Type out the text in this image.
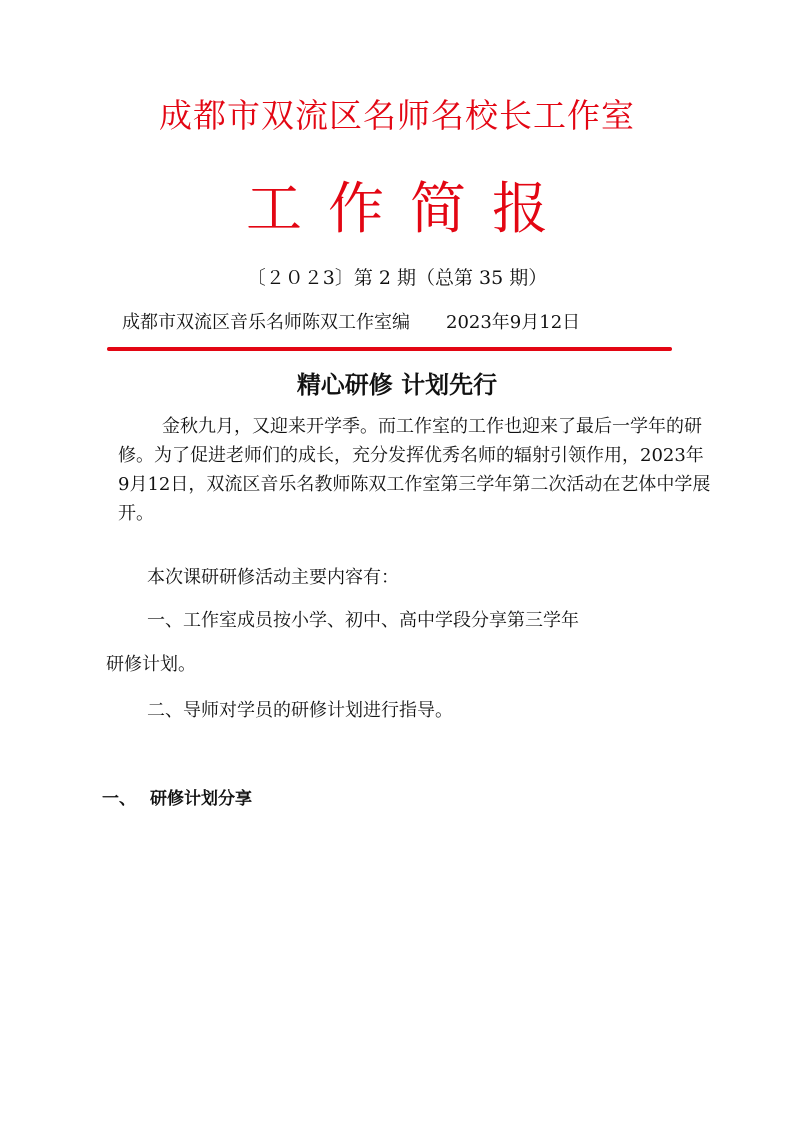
成都市双流区名师名校长工作室
工作简报
〔２０２3〕第 2 期（总第 35 期）
成都市双流区音乐名师陈双工作室编 2023年9月12日
精心研修 计划先行

金秋九月，又迎来开学季。而工作室的工作也迎来了最后一学年的研修。为了促进老师们的成长，充分发挥优秀名师的辐射引领作用，2023年9月12日，双流区音乐名教师陈双工作室第三学年第二次活动在艺体中学展开。

本次课研研修活动主要内容有：

一、工作室成员按小学、初中、高中学段分享第三学年

研修计划。

二、导师对学员的研修计划进行指导。

一、 研修计划分享
